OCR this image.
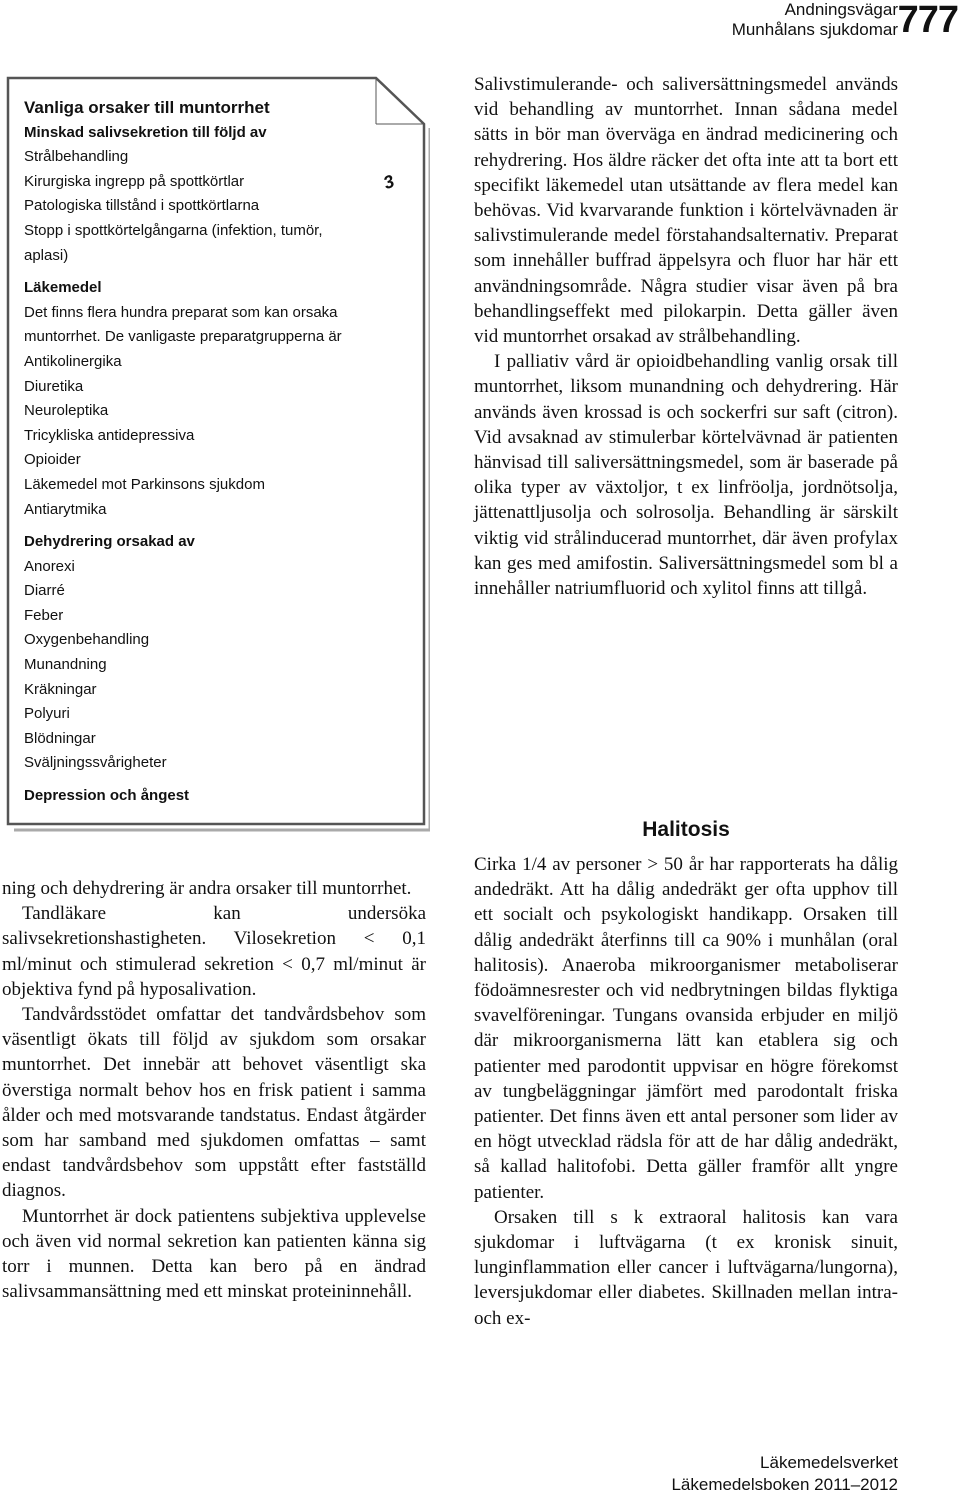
Andningsvägar
Munhålans sjukdomar 777
3
Vanliga orsaker till muntorrhet
Minskad salivsekretion till följd av
Strålbehandling
Kirurgiska ingrepp på spottkörtlar
Patologiska tillstånd i spottkörtlarna
Stopp i spottkörtelgångarna (infektion, tumör,
aplasi)
Läkemedel
Det finns flera hundra preparat som kan orsaka
muntorrhet. De vanligaste preparatgrupperna är
Antikolinergika
Diuretika
Neuroleptika
Tricykliska antidepressiva
Opioider
Läkemedel mot Parkinsons sjukdom
Antiarytmika
Dehydrering orsakad av
Anorexi
Diarré
Feber
Oxygenbehandling
Munandning
Kräkningar
Polyuri
Blödningar
Sväljningssvårigheter
Depression och ångest

ning och dehydrering är andra orsaker till muntorrhet.

Tandläkare kan undersöka salivsekretionshastigheten. Vilosekretion < 0,1 ml/minut och stimulerad sekretion < 0,7 ml/minut är objektiva fynd på hyposalivation.

Tandvårdsstödet omfattar det tandvårdsbehov som väsentligt ökats till följd av sjukdom som orsakar muntorrhet. Det innebär att behovet väsentligt ska överstiga normalt behov hos en frisk patient i samma ålder och med motsvarande tandstatus. Endast åtgärder som har samband med sjukdomen omfattas – samt endast tandvårdsbehov som uppstått efter fastställd diagnos.

Muntorrhet är dock patientens subjektiva upplevelse och även vid normal sekretion kan patienten känna sig torr i munnen. Detta kan bero på en ändrad salivsammansättning med ett minskat proteininnehåll.

Salivstimulerande- och saliversättningsmedel används vid behandling av muntorrhet. Innan sådana medel sätts in bör man överväga en ändrad medicinering och rehydrering. Hos äldre räcker det ofta inte att ta bort ett specifikt läkemedel utan utsättande av flera medel kan behövas. Vid kvarvarande funktion i körtelvävnaden är salivstimulerande medel förstahandsalternativ. Preparat som innehåller buffrad äppelsyra och fluor har här ett användningsområde. Några studier visar även på bra behandlingseffekt med pilokarpin. Detta gäller även vid muntorrhet orsakad av strålbehandling.

I palliativ vård är opioidbehandling vanlig orsak till muntorrhet, liksom munandning och dehydrering. Här används även krossad is och sockerfri sur saft (citron). Vid avsaknad av stimulerbar körtelvävnad är patienten hänvisad till saliversättningsmedel, som är baserade på olika typer av växtoljor, t ex linfröolja, jordnötsolja, jättenattljusolja och solrosolja. Behandling är särskilt viktig vid strålinducerad muntorrhet, där även profylax kan ges med amifostin. Saliversättningsmedel som bl a innehåller natriumfluorid och xylitol finns att tillgå.

Halitosis

Cirka 1/4 av personer > 50 år har rapporterats ha dålig andedräkt. Att ha dålig andedräkt ger ofta upphov till ett socialt och psykologiskt handikapp. Orsaken till dålig andedräkt återfinns till ca 90% i munhålan (oral halitosis). Anaeroba mikroorganismer metaboliserar födoämnesrester och vid nedbrytningen bildas flyktiga svavelföreningar. Tungans ovansida erbjuder en miljö där mikroorganismerna lätt kan etablera sig och patienter med parodontit uppvisar en högre förekomst av tungbeläggningar jämfört med parodontalt friska patienter. Det finns även ett antal personer som lider av en högt utvecklad rädsla för att de har dålig andedräkt, så kallad halitofobi. Detta gäller framför allt yngre patienter.

Orsaken till s k extraoral halitosis kan vara sjukdomar i luftvägarna (t ex kronisk sinuit, lunginflammation eller cancer i luftvägarna/lungorna), leversjukdomar eller diabetes. Skillnaden mellan intra- och ex-

Läkemedelsverket
Läkemedelsboken 2011–2012
